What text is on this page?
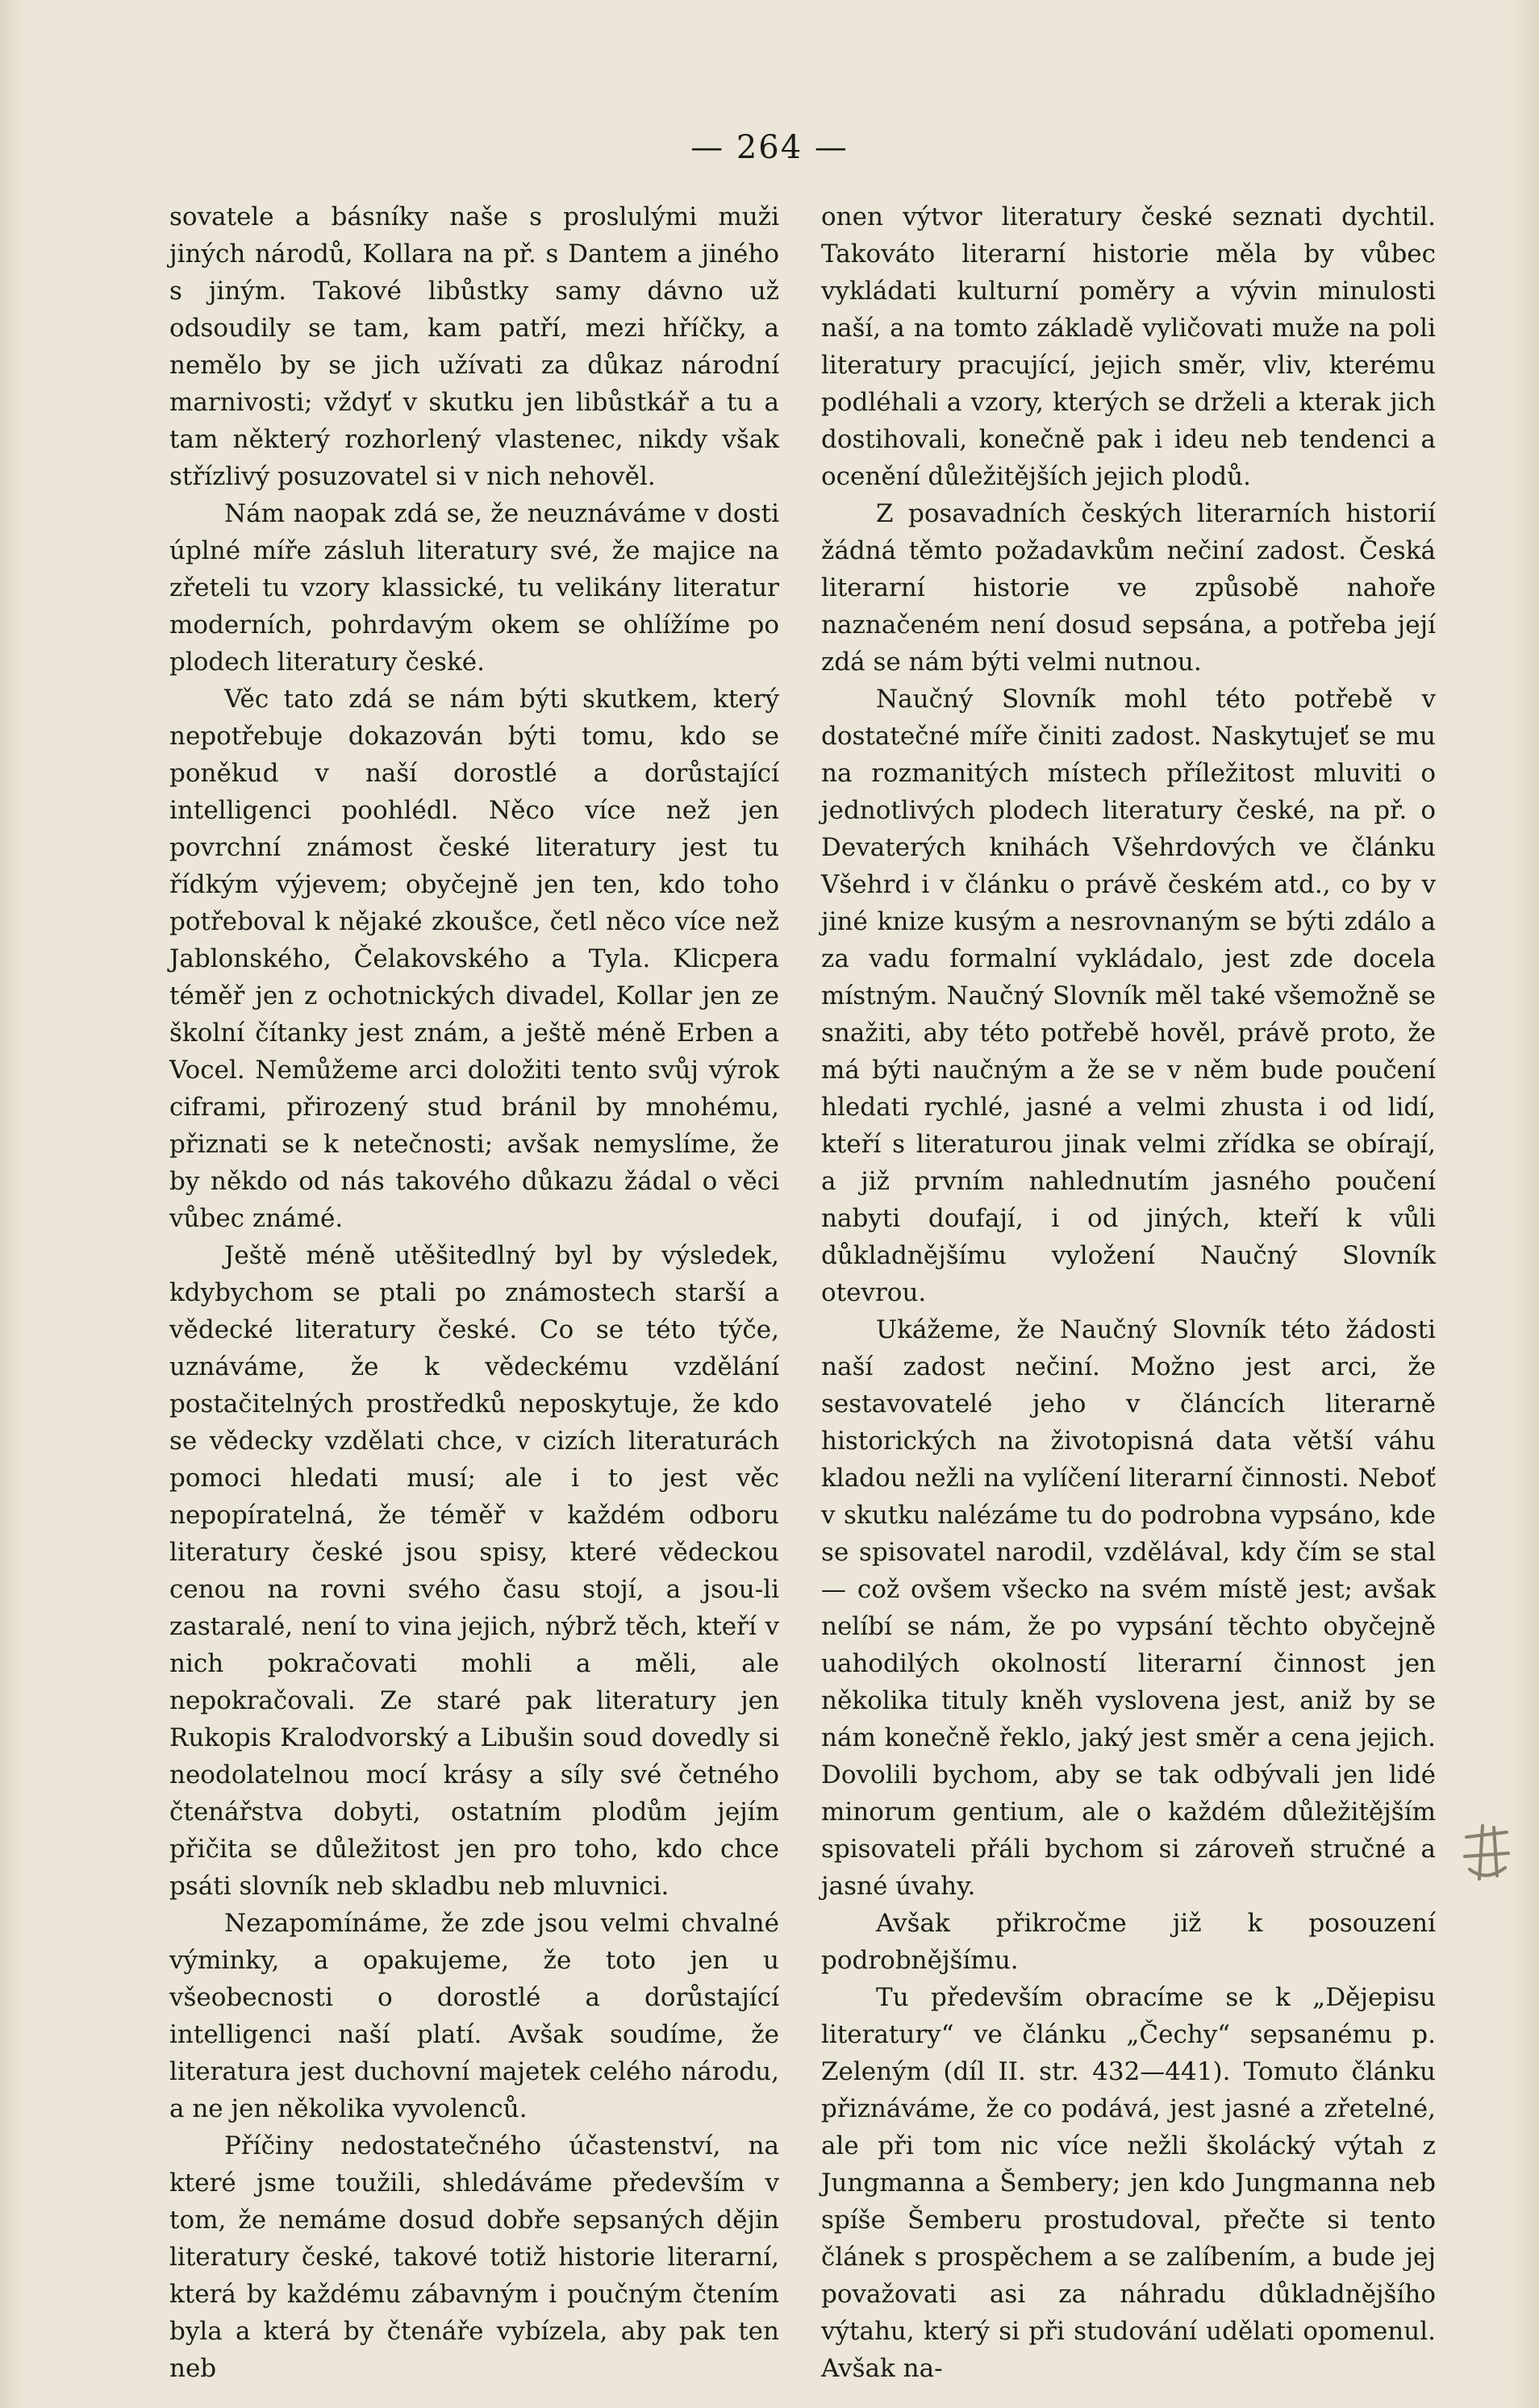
— 264 —

sovatele a básníky naše s proslulými muži jiných národů, Kollara na př. s Dantem a jiného s jiným. Takové libůstky samy dávno už odsoudily se tam, kam patří, mezi hříčky, a nemělo by se jich užívati za důkaz národní marnivosti; vždyť v skutku jen libůstkář a tu a tam některý rozhorlený vlastenec, nikdy však střízlivý posuzovatel si v nich nehověl.

Nám naopak zdá se, že neuznáváme v dosti úplné míře zásluh literatury své, že majice na zřeteli tu vzory klassické, tu velikány literatur moderních, pohrdavým okem se ohlížíme po plodech literatury české.

Věc tato zdá se nám býti skutkem, který nepotřebuje dokazován býti tomu, kdo se poněkud v naší dorostlé a dorůstající intelligenci poohlédl. Něco více než jen povrchní známost české literatury jest tu řídkým výjevem; obyčejně jen ten, kdo toho potřeboval k nějaké zkoušce, četl něco více než Jablonského, Čelakovského a Tyla. Klicpera téměř jen z ochotnických divadel, Kollar jen ze školní čítanky jest znám, a ještě méně Erben a Vocel. Nemůžeme arci doložiti tento svůj výrok ciframi, přirozený stud bránil by mnohému, přiznati se k netečnosti; avšak nemyslíme, že by někdo od nás takového důkazu žádal o věci vůbec známé.

Ještě méně utěšitedlný byl by výsledek, kdybychom se ptali po známostech starší a vědecké literatury české. Co se této týče, uznáváme, že k vědeckému vzdělání postačitelných prostředků neposkytuje, že kdo se vědecky vzdělati chce, v cizích literaturách pomoci hledati musí; ale i to jest věc nepopíratelná, že téměř v každém odboru literatury české jsou spisy, které vědeckou cenou na rovni svého času stojí, a jsou-li zastaralé, není to vina jejich, nýbrž těch, kteří v nich pokračovati mohli a měli, ale nepokračovali. Ze staré pak literatury jen Rukopis Kralodvorský a Libušin soud dovedly si neodolatelnou mocí krásy a síly své četného čtenářstva dobyti, ostatním plodům jejím přičita se důležitost jen pro toho, kdo chce psáti slovník neb skladbu neb mluvnici.

Nezapomínáme, že zde jsou velmi chvalné výminky, a opakujeme, že toto jen u všeobecnosti o dorostlé a dorůstající intelligenci naší platí. Avšak soudíme, že literatura jest duchovní majetek celého národu, a ne jen několika vyvolenců.

Příčiny nedostatečného účastenství, na které jsme toužili, shledáváme především v tom, že nemáme dosud dobře sepsaných dějin literatury české, takové totiž historie literarní, která by každému zábavným i poučným čtením byla a která by čtenáře vybízela, aby pak ten neb

onen výtvor literatury české seznati dychtil. Takováto literarní historie měla by vůbec vykládati kulturní poměry a vývin minulosti naší, a na tomto základě vyličovati muže na poli literatury pracující, jejich směr, vliv, kterému podléhali a vzory, kterých se drželi a kterak jich dostihovali, konečně pak i ideu neb tendenci a ocenění důležitějších jejich plodů.

Z posavadních českých literarních historií žádná těmto požadavkům nečiní zadost. Česká literarní historie ve způsobě nahoře naznačeném není dosud sepsána, a potřeba její zdá se nám býti velmi nutnou.

Naučný Slovník mohl této potřebě v dostatečné míře činiti zadost. Naskytujeť se mu na rozmanitých místech příležitost mluviti o jednotlivých plodech literatury české, na př. o Devaterých knihách Všehrdových ve článku Všehrd i v článku o právě českém atd., co by v jiné knize kusým a nesrovnaným se býti zdálo a za vadu formalní vykládalo, jest zde docela místným. Naučný Slovník měl také všemožně se snažiti, aby této potřebě hověl, právě proto, že má býti naučným a že se v něm bude poučení hledati rychlé, jasné a velmi zhusta i od lidí, kteří s literaturou jinak velmi zřídka se obírají, a již prvním nahlednutím jasného poučení nabyti doufají, i od jiných, kteří k vůli důkladnějšímu vyložení Naučný Slovník otevrou.

Ukážeme, že Naučný Slovník této žádosti naší zadost nečiní. Možno jest arci, že sestavovatelé jeho v článcích literarně historických na životopisná data větší váhu kladou nežli na vylíčení literarní činnosti. Neboť v skutku nalézáme tu do podrobna vypsáno, kde se spisovatel narodil, vzdělával, kdy čím se stal — což ovšem všecko na svém místě jest; avšak nelíbí se nám, že po vypsání těchto obyčejně uahodilých okolností literarní činnost jen několika tituly kněh vyslovena jest, aniž by se nám konečně řeklo, jaký jest směr a cena jejich. Dovolili bychom, aby se tak odbývali jen lidé minorum gentium, ale o každém důležitějším spisovateli přáli bychom si zároveň stručné a jasné úvahy.

Avšak přikročme již k posouzení podrobnějšímu.

Tu především obracíme se k „Dějepisu literatury“ ve článku „Čechy“ sepsanému p. Zeleným (díl II. str. 432—441). Tomuto článku přiznáváme, že co podává, jest jasné a zřetelné, ale při tom nic více nežli školácký výtah z Jungmanna a Šembery; jen kdo Jungmanna neb spíše Šemberu prostudoval, přečte si tento článek s prospěchem a se zalíbením, a bude jej považovati asi za náhradu důkladnějšího výtahu, který si při studování udělati opomenul. Avšak na-
